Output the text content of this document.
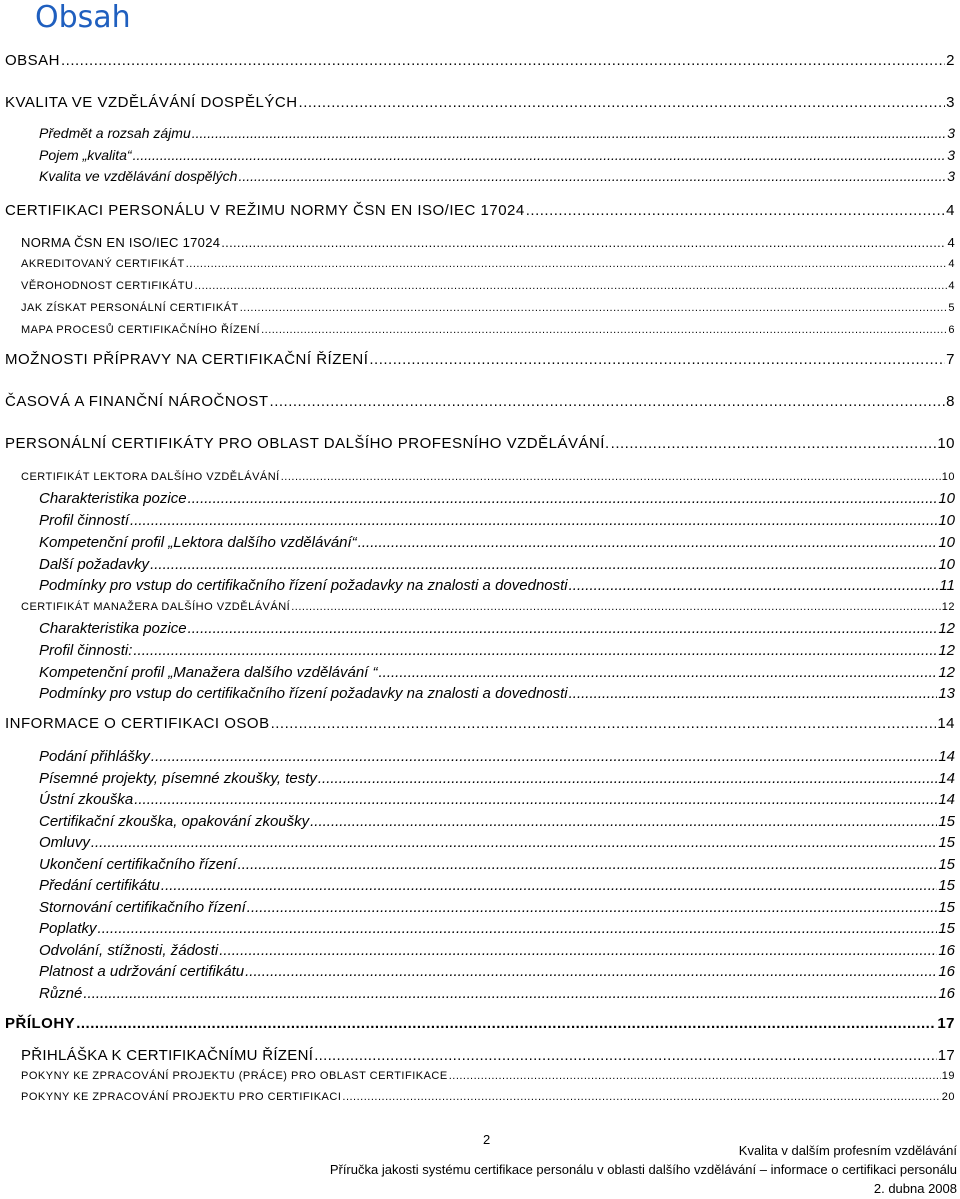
Obsah
OBSAH .....	2
KVALITA VE VZDĚLÁVÁNÍ DOSPĚLÝCH .....	3
Předmět a rozsah zájmu .....	3
Pojem „kvalita“ .....	3
Kvalita ve vzdělávání dospělých .....	3
CERTIFIKACI PERSONÁLU V REŽIMU NORMY ČSN EN ISO/IEC 17024 .....	4
NORMA ČSN EN ISO/IEC 17024 .....	4
AKREDITOVANÝ CERTIFIKÁT .....	4
VĚROHODNOST CERTIFIKÁTU .....	4
JAK ZÍSKAT PERSONÁLNÍ CERTIFIKÁT .....	5
MAPA PROCESŮ CERTIFIKAČNÍHO ŘÍZENÍ .....	6
MOŽNOSTI PŘÍPRAVY NA CERTIFIKAČNÍ ŘÍZENÍ .....	7
ČASOVÁ A FINANČNÍ NÁROČNOST .....	8
PERSONÁLNÍ CERTIFIKÁTY PRO OBLAST DALŠÍHO PROFESNÍHO VZDĚLÁVÁNÍ. .....	10
CERTIFIKÁT LEKTORA DALŠÍHO VZDĚLÁVÁNÍ .....	10
Charakteristika pozice .....	10
Profil činností .....	10
Kompetenční profil „Lektora dalšího vzdělávání“ .....	10
Další požadavky .....	10
Podmínky pro vstup do certifikačního řízení požadavky na znalosti a dovednosti .....	11
CERTIFIKÁT MANAŽERA DALŠÍHO VZDĚLÁVÁNÍ .....	12
Charakteristika pozice .....	12
Profil činnosti: .....	12
Kompetenční profil „Manažera dalšího vzdělávání “ .....	12
Podmínky pro vstup do certifikačního řízení požadavky na znalosti a dovednosti .....	13
INFORMACE O CERTIFIKACI OSOB .....	14
Podání přihlášky .....	14
Písemné projekty, písemné zkoušky, testy .....	14
Ústní zkouška .....	14
Certifikační zkouška, opakování zkoušky .....	15
Omluvy .....	15
Ukončení certifikačního řízení .....	15
Předání certifikátu .....	15
Stornování certifikačního řízení .....	15
Poplatky .....	15
Odvolání, stížnosti, žádosti .....	16
Platnost a udržování certifikátu .....	16
Různé .....	16
PŘÍLOHY .....	17
PŘIHLÁŠKA K CERTIFIKAČNÍMU ŘÍZENÍ .....	17
POKYNY KE ZPRACOVÁNÍ PROJEKTU (PRÁCE) PRO OBLAST CERTIFIKACE .....	19
POKYNY KE ZPRACOVÁNÍ PROJEKTU PRO CERTIFIKACI .....	20
2
Kvalita v dalším profesním vzdělávání
Příručka jakosti systému certifikace personálu v oblasti dalšího vzdělávání – informace o certifikaci personálu
2. dubna 2008
